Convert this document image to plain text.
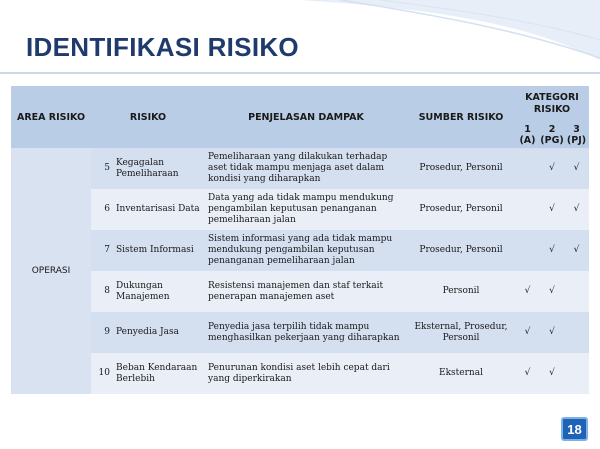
IDENTIFIKASI RISIKO
AREA RISIKO	RISIKO		PENJELASAN DAMPAK	SUMBER RISIKO	KATEGORI RISIKO		
					1 (A)	2 (PG)	3 (PJ)
OPERASI	5	Kegagalan Pemeliharaan	Pemeliharaan yang dilakukan terhadap aset tidak mampu menjaga aset dalam kondisi yang diharapkan	Prosedur, Personil		√	√
	6	Inventarisasi Data	Data yang ada tidak mampu mendukung pengambilan keputusan penanganan pemeliharaan jalan	Prosedur, Personil		√	√
	7	Sistem Informasi	Sistem informasi yang ada tidak mampu mendukung pengambilan keputusan penanganan pemeliharaan jalan	Prosedur, Personil		√	√
	8	Dukungan Manajemen	Resistensi manajemen dan staf terkait penerapan manajemen aset	Personil	√	√	
	9	Penyedia Jasa	Penyedia jasa terpilih tidak mampu menghasilkan pekerjaan yang diharapkan	Eksternal, Prosedur, Personil	√	√	
	10	Beban Kendaraan Berlebih	Penurunan kondisi aset lebih cepat dari yang diperkirakan	Eksternal	√	√	
18
